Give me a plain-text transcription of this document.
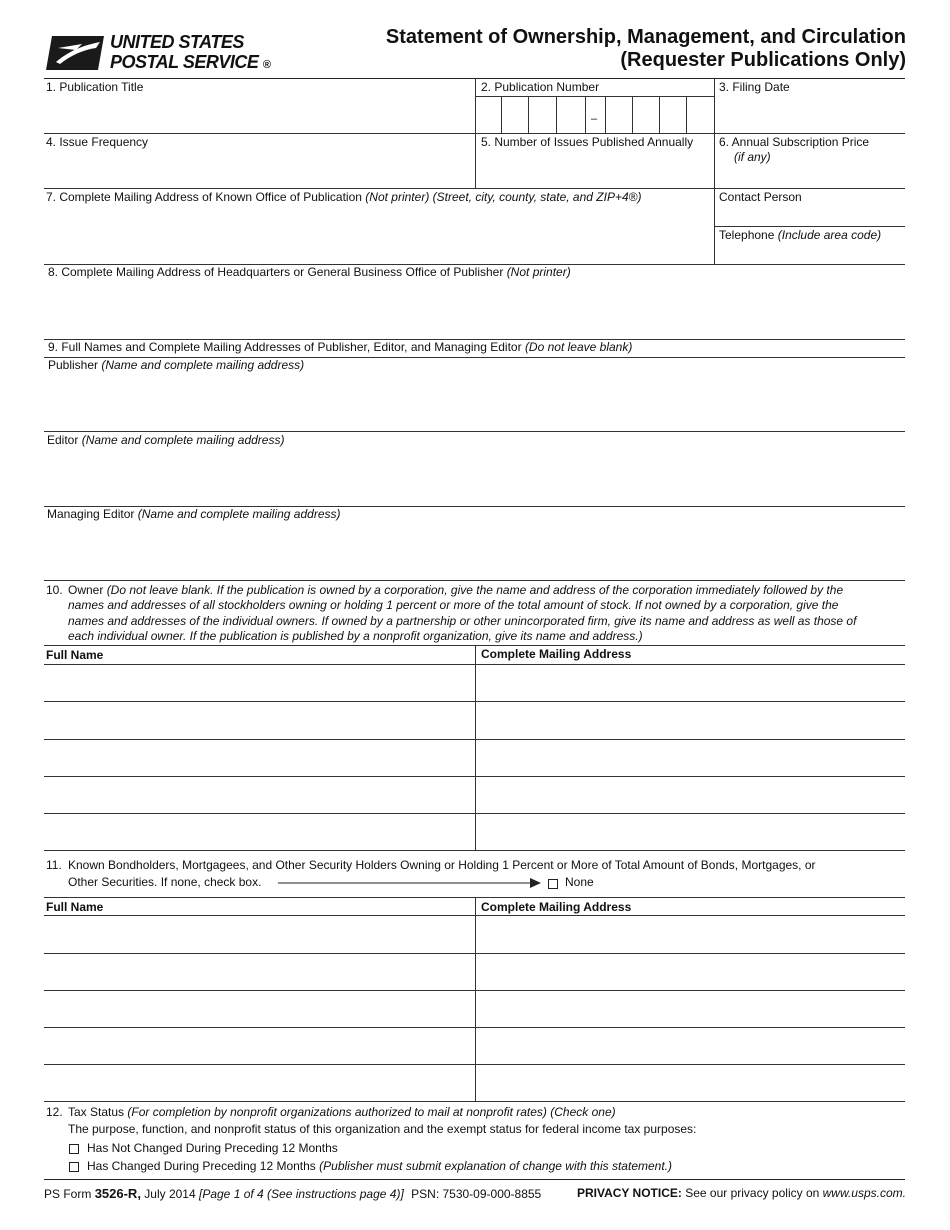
UNITED STATES
POSTAL SERVICE ®
Statement of Ownership, Management, and Circulation
(Requester Publications Only)
1. Publication Title	2. Publication Number	3. Filing Date
–
4. Issue Frequency	5. Number of Issues Published Annually 6. Annual Subscription Price
(if any)
7. Complete Mailing Address of Known Office of Publication (Not printer) (Street, city, county, state, and ZIP+4®)	Contact Person
Telephone (Include area code)
8. Complete Mailing Address of Headquarters or General Business Office of Publisher (Not printer)
9. Full Names and Complete Mailing Addresses of Publisher, Editor, and Managing Editor (Do not leave blank)
Publisher (Name and complete mailing address)
Editor (Name and complete mailing address)
Managing Editor (Name and complete mailing address)
10. Owner (Do not leave blank. If the publication is owned by a corporation, give the name and address of the corporation immediately followed by the
names and addresses of all stockholders owning or holding 1 percent or more of the total amount of stock. If not owned by a corporation, give the
names and addresses of the individual owners. If owned by a partnership or other unincorporated firm, give its name and address as well as those of
each individual owner. If the publication is published by a nonprofit organization, give its name and address.)
Full Name	Complete Mailing Address
11. Known Bondholders, Mortgagees, and Other Security Holders Owning or Holding 1 Percent or More of Total Amount of Bonds, Mortgages, or
Other Securities. If none, check box.	None
Full Name	Complete Mailing Address
12. Tax Status (For completion by nonprofit organizations authorized to mail at nonprofit rates) (Check one)
The purpose, function, and nonprofit status of this organization and the exempt status for federal income tax purposes:
Has Not Changed During Preceding 12 Months
Has Changed During Preceding 12 Months (Publisher must submit explanation of change with this statement.)
PS Form 3526-R, July 2014 [Page 1 of 4 (See instructions page 4)] PSN: 7530-09-000-8855	PRIVACY NOTICE: See our privacy policy on www.usps.com.
